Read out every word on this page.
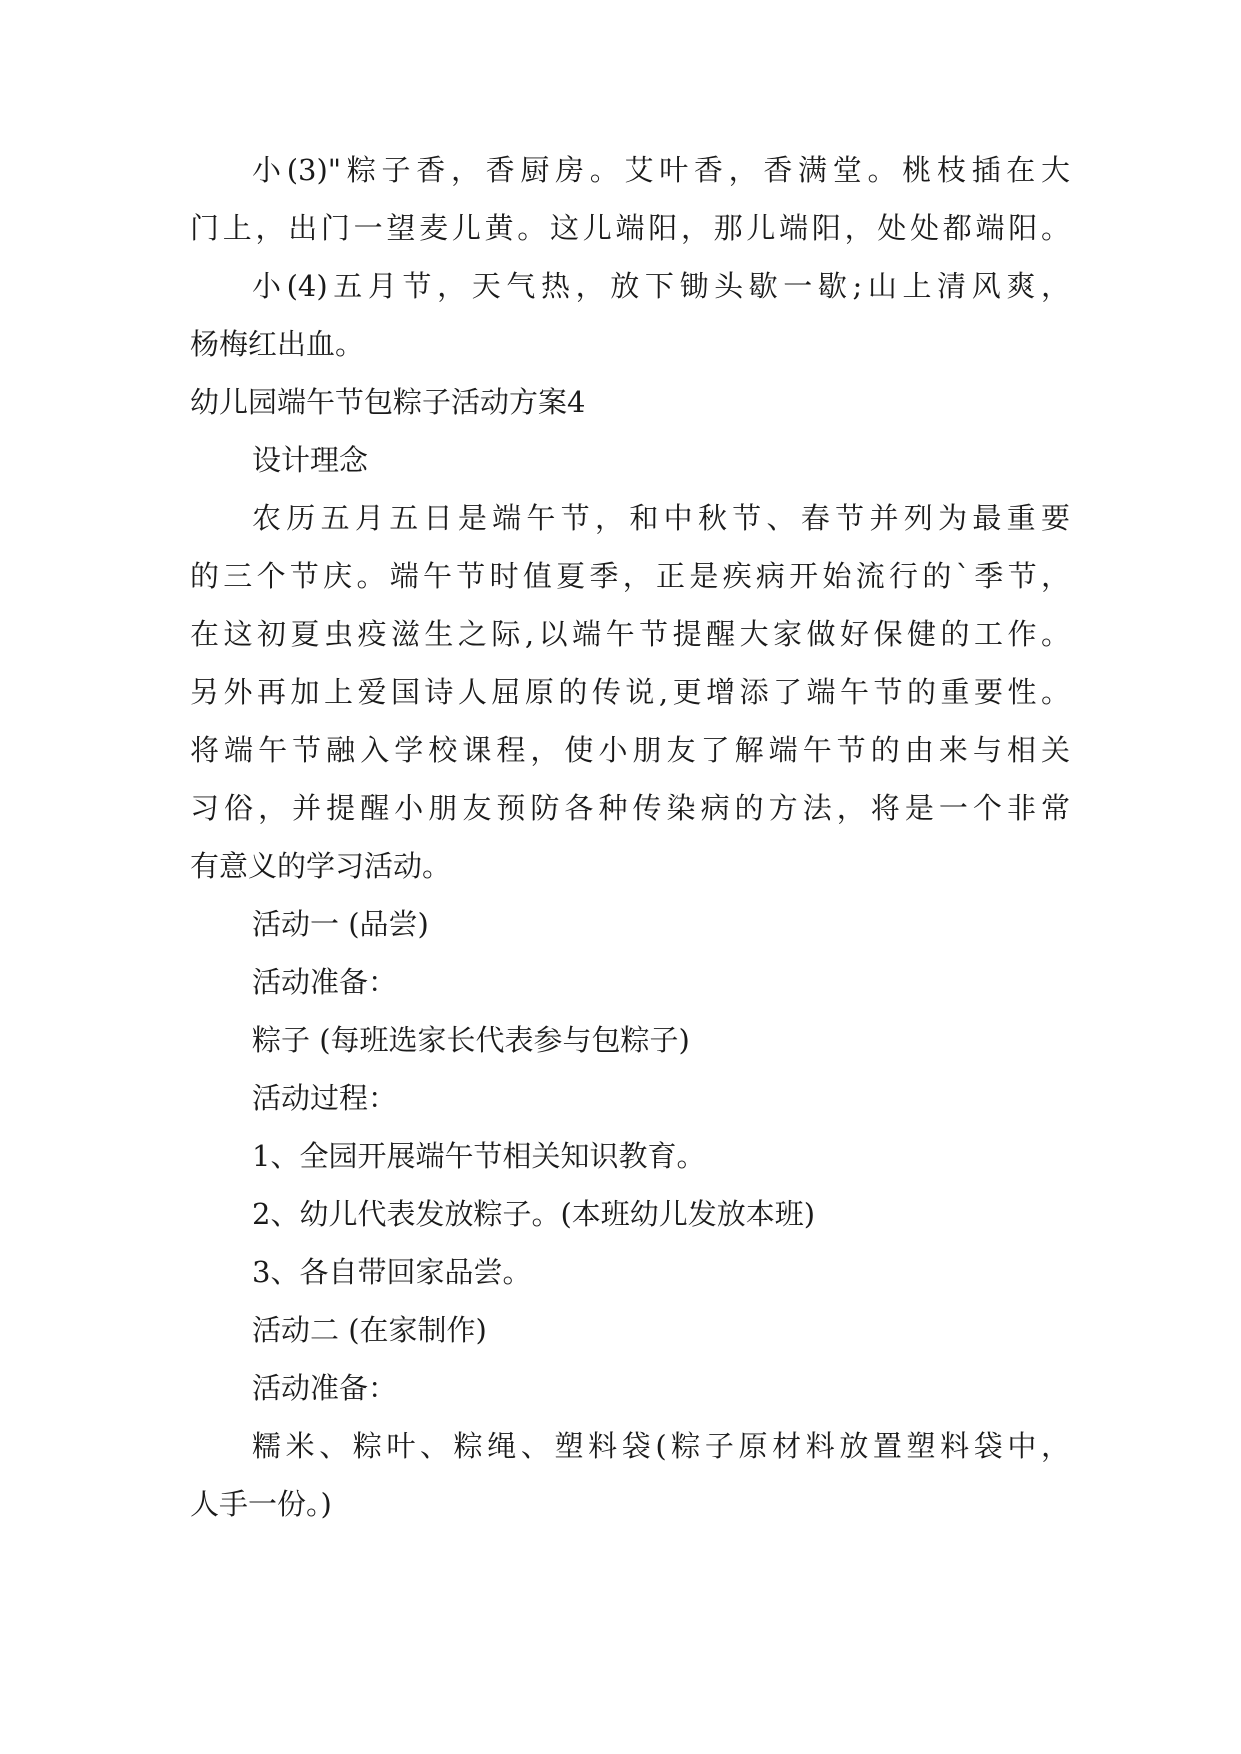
小(3)"粽子香，香厨房。艾叶香，香满堂。桃枝插在大
门上，出门一望麦儿黄。这儿端阳，那儿端阳，处处都端阳。
小(4)五月节，天气热，放下锄头歇一歇;山上清风爽，
杨梅红出血。
幼儿园端午节包粽子活动方案4
设计理念
农历五月五日是端午节，和中秋节、春节并列为最重要
的三个节庆。端午节时值夏季，正是疾病开始流行的`季节，
在这初夏虫疫滋生之际,以端午节提醒大家做好保健的工作。
另外再加上爱国诗人屈原的传说,更增添了端午节的重要性。
将端午节融入学校课程，使小朋友了解端午节的由来与相关
习俗，并提醒小朋友预防各种传染病的方法，将是一个非常
有意义的学习活动。
活动一 (品尝)
活动准备：
粽子 (每班选家长代表参与包粽子)
活动过程：
1、全园开展端午节相关知识教育。
2、幼儿代表发放粽子。(本班幼儿发放本班)
3、各自带回家品尝。
活动二 (在家制作)
活动准备：
糯米、粽叶、粽绳、塑料袋(粽子原材料放置塑料袋中，
人手一份。)
